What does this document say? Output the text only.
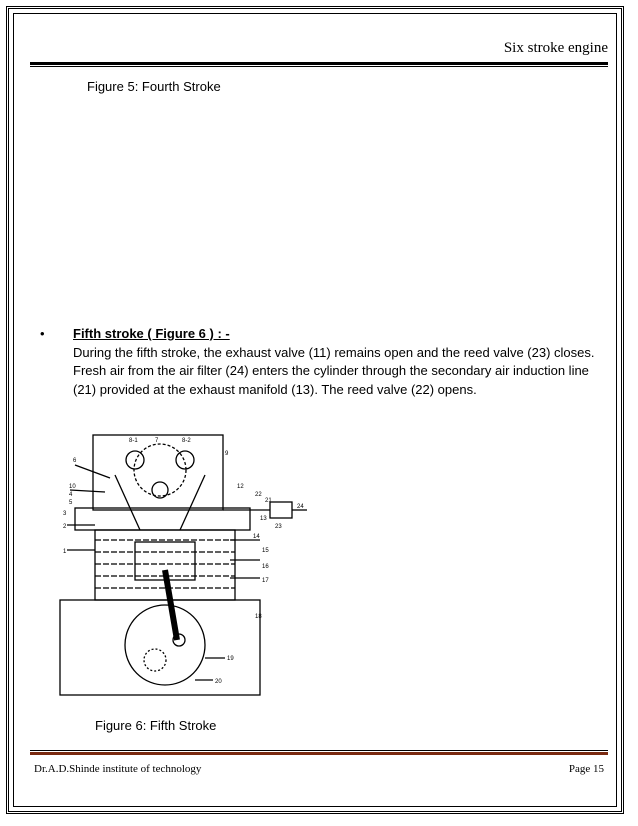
Six stroke engine
Figure 5: Fourth Stroke
•	Fifth stroke ( Figure 6 ) : -
During the fifth stroke, the exhaust valve (11) remains open and the reed valve (23) closes. Fresh air from the air filter (24) enters the cylinder through the secondary air induction line (21) provided at the exhaust manifold (13). The reed valve (22) opens.
6
8-1	7	8-2
9
10
4
5
3
2
1
12
22
21
24
13
23
14
15
16
17
18
19
20
Figure 6: Fifth Stroke
Dr.A.D.Shinde institute of technology	Page 15
